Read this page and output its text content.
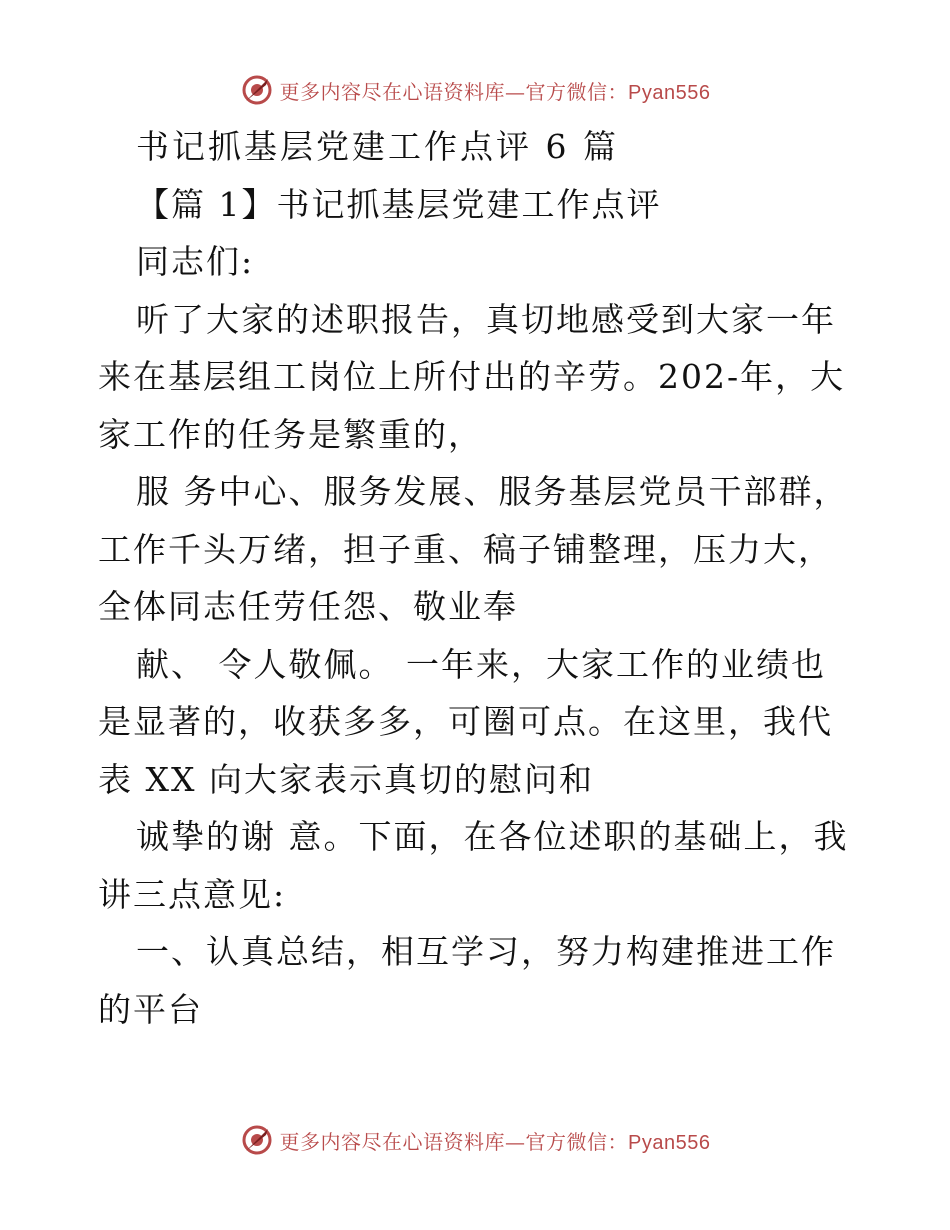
更多内容尽在心语资料库—官方微信：Pyan556

书记抓基层党建工作点评 6 篇

【篇 1】书记抓基层党建工作点评

同志们:

听了大家的述职报告，真切地感受到大家一年来在基层组工岗位上所付出的辛劳。202-年，大家工作的任务是繁重的，

服 务中心、服务发展、服务基层党员干部群，工作千头万绪，担子重、稿子铺整理，压力大，全体同志任劳任怨、敬业奉

献、 令人敬佩。 一年来，大家工作的业绩也是显著的，收获多多，可圈可点。在这里，我代表 XX 向大家表示真切的慰问和

诚挚的谢 意。下面，在各位述职的基础上，我讲三点意见:

一、认真总结，相互学习，努力构建推进工作的平台

更多内容尽在心语资料库—官方微信：Pyan556
